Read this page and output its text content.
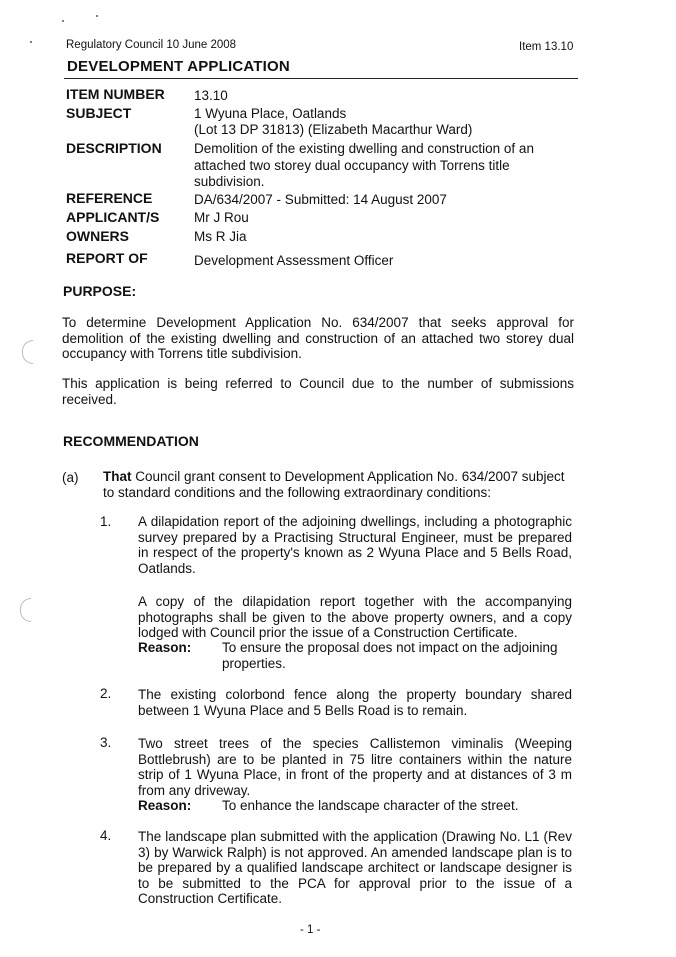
Regulatory Council 10 June 2008	Item 13.10
DEVELOPMENT APPLICATION
ITEM NUMBER 13.10
SUBJECT	1 Wyuna Place, Oatlands
(Lot 13 DP 31813) (Elizabeth Macarthur Ward)
DESCRIPTION Demolition of the existing dwelling and construction of an attached two storey dual occupancy with Torrens title subdivision.
REFERENCE	DA/634/2007 - Submitted: 14 August 2007
APPLICANT/S	Mr J Rou
OWNERS	Ms R Jia
REPORT OF	Development Assessment Officer
PURPOSE:
To determine Development Application No. 634/2007 that seeks approval for demolition of the existing dwelling and construction of an attached two storey dual occupancy with Torrens title subdivision.
This application is being referred to Council due to the number of submissions received.
RECOMMENDATION
(a) That Council grant consent to Development Application No. 634/2007 subject to standard conditions and the following extraordinary conditions:
1. A dilapidation report of the adjoining dwellings, including a photographic survey prepared by a Practising Structural Engineer, must be prepared in respect of the property's known as 2 Wyuna Place and 5 Bells Road, Oatlands.
A copy of the dilapidation report together with the accompanying photographs shall be given to the above property owners, and a copy lodged with Council prior the issue of a Construction Certificate.
Reason: To ensure the proposal does not impact on the adjoining properties.
2. The existing colorbond fence along the property boundary shared between 1 Wyuna Place and 5 Bells Road is to remain.
3. Two street trees of the species Callistemon viminalis (Weeping Bottlebrush) are to be planted in 75 litre containers within the nature strip of 1 Wyuna Place, in front of the property and at distances of 3 m from any driveway.
Reason: To enhance the landscape character of the street.
4. The landscape plan submitted with the application (Drawing No. L1 (Rev 3) by Warwick Ralph) is not approved. An amended landscape plan is to be prepared by a qualified landscape architect or landscape designer is to be submitted to the PCA for approval prior to the issue of a Construction Certificate.
- 1 -
